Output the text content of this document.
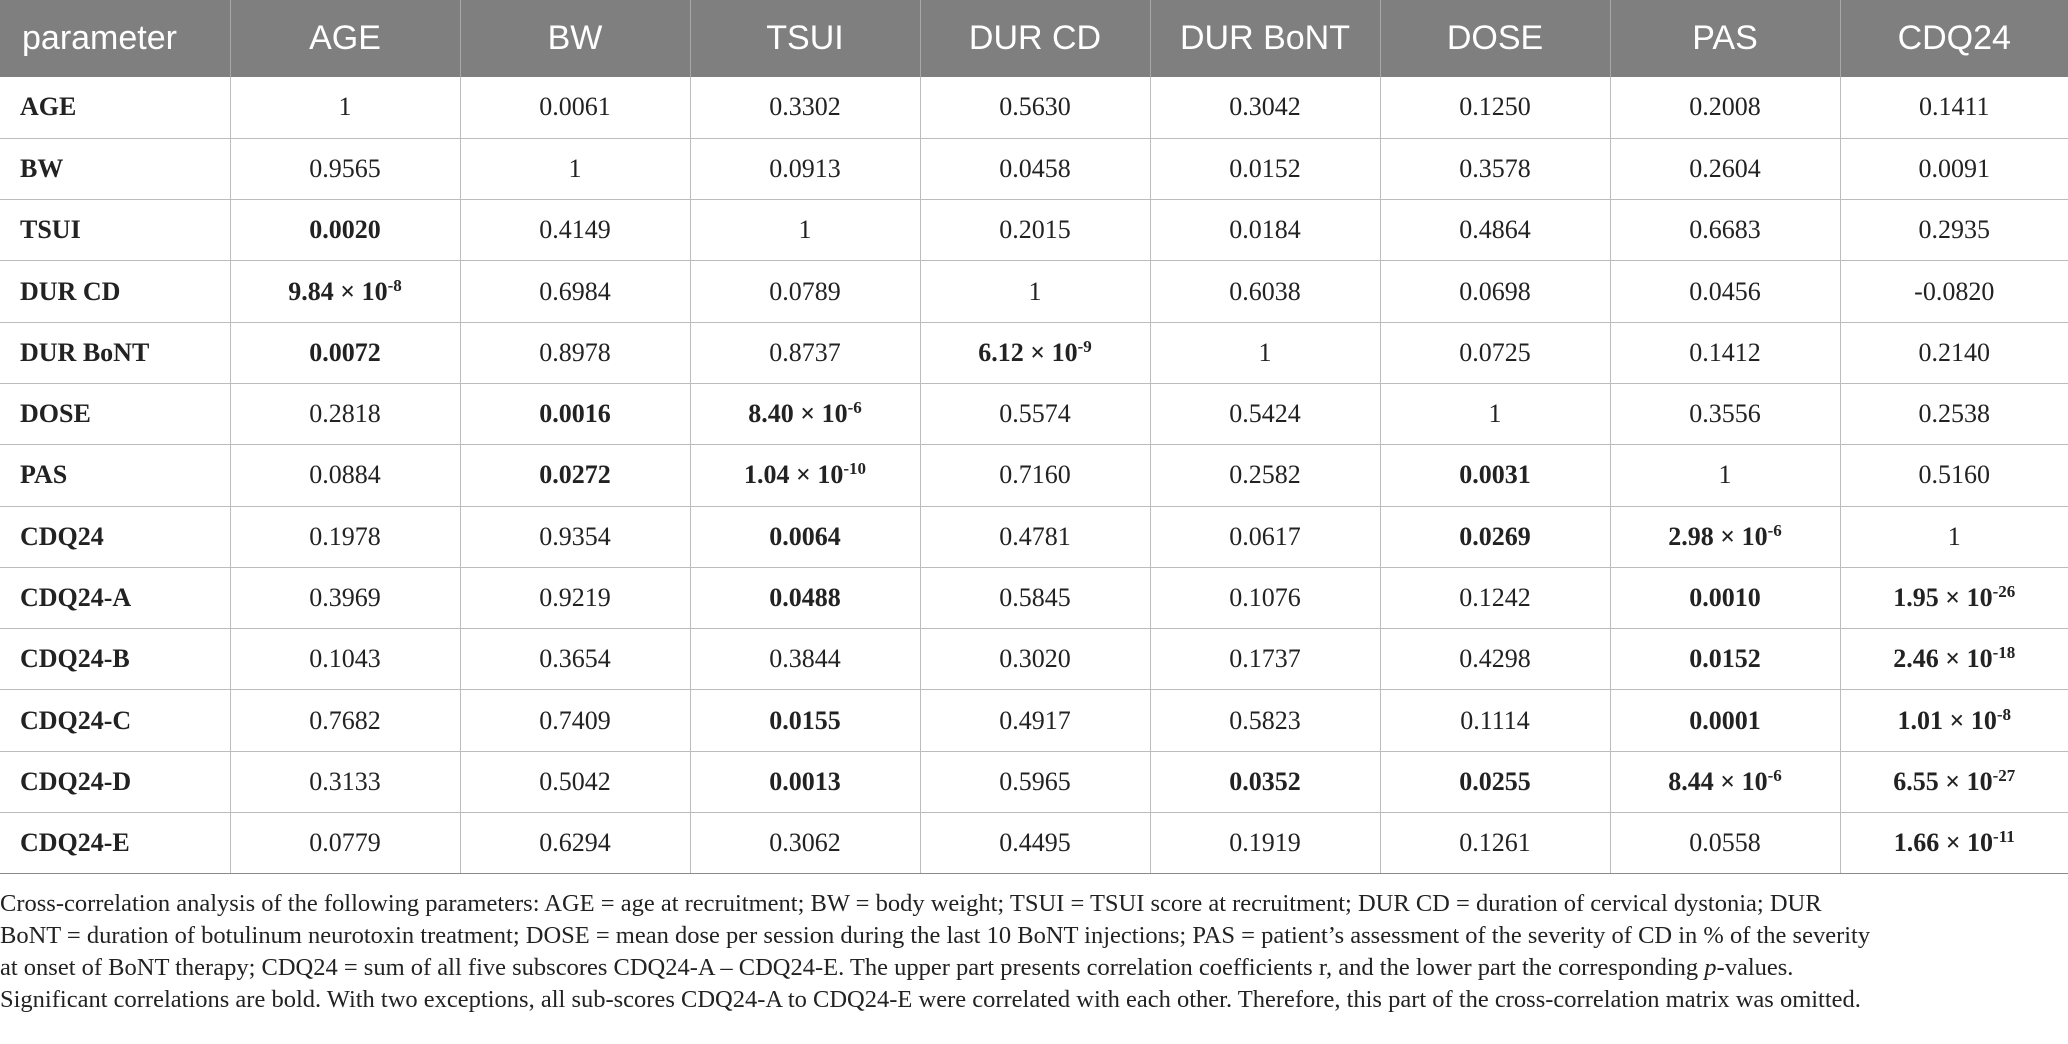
parameter	AGE	BW	TSUI	DUR CD	DUR BoNT	DOSE	PAS	CDQ24
AGE	1	0.0061	0.3302	0.5630	0.3042	0.1250	0.2008	0.1411
BW	0.9565	1	0.0913	0.0458	0.0152	0.3578	0.2604	0.0091
TSUI	0.0020	0.4149	1	0.2015	0.0184	0.4864	0.6683	0.2935
DUR CD	$9.84 \times 10^{-8}$	0.6984	0.0789	1	0.6038	0.0698	0.0456	-0.0820
DUR BoNT	0.0072	0.8978	0.8737	$6.12 \times 10^{-9}$	1	0.0725	0.1412	0.2140
DOSE	0.2818	0.0016	$8.40 \times 10^{-6}$	0.5574	0.5424	1	0.3556	0.2538
PAS	0.0884	0.0272	$1.04 \times 10^{-10}$	0.7160	0.2582	0.0031	1	0.5160
CDQ24	0.1978	0.9354	0.0064	0.4781	0.0617	0.0269	$2.98 \times 10^{-6}$	1
CDQ24-A	0.3969	0.9219	0.0488	0.5845	0.1076	0.1242	0.0010	$1.95 \times 10^{-26}$
CDQ24-B	0.1043	0.3654	0.3844	0.3020	0.1737	0.4298	0.0152	$2.46 \times 10^{-18}$
CDQ24-C	0.7682	0.7409	0.0155	0.4917	0.5823	0.1114	0.0001	$1.01 \times 10^{-8}$
CDQ24-D	0.3133	0.5042	0.0013	0.5965	0.0352	0.0255	$8.44 \times 10^{-6}$	$6.55 \times 10^{-27}$
CDQ24-E	0.0779	0.6294	0.3062	0.4495	0.1919	0.1261	0.0558	$1.66 \times 10^{-11}$

Cross-correlation analysis of the following parameters: AGE = age at recruitment; BW = body weight; TSUI = TSUI score at recruitment; DUR CD = duration of cervical dystonia; DUR

BoNT = duration of botulinum neurotoxin treatment; DOSE = mean dose per session during the last 10 BoNT injections; PAS = patient’s assessment of the severity of CD in % of the severity

at onset of BoNT therapy; CDQ24 = sum of all five subscores CDQ24-A – CDQ24-E. The upper part presents correlation coefficients r, and the lower part the corresponding p-values.

Significant correlations are bold. With two exceptions, all sub-scores CDQ24-A to CDQ24-E were correlated with each other. Therefore, this part of the cross-correlation matrix was omitted.
